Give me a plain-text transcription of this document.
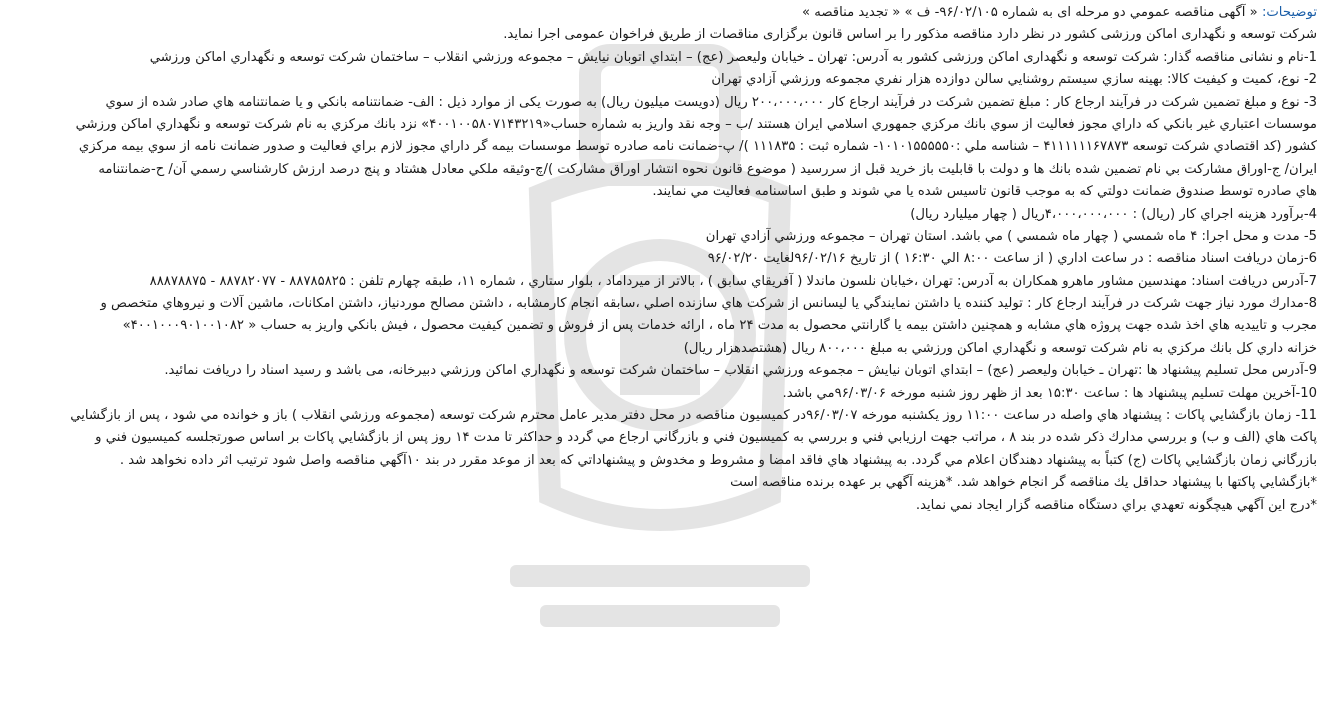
توضیحات: « آگهی مناقصه عمومي دو مرحله ای به شماره ۹۶/۰۲/۱۰۵- ف » « تجديد مناقصه »
شرکت توسعه و نگهداری اماکن ورزشی کشور در نظر دارد مناقصه مذکور را بر اساس قانون برگزاری مناقصات از طریق فراخوان عمومی اجرا نماید.
1-نام و نشانی مناقصه گذار: شرکت توسعه و نگهداری اماکن ورزشی کشور به آدرس: تهران ـ خیابان ولیعصر (عج) – ابتداي اتوبان نيايش – مجموعه ورزشي انقلاب – ساختمان شركت توسعه و نگهداري اماكن ورزشي
2- نوع، کمیت و کیفیت کالا: بهينه سازي سيستم روشنايي سالن دوازده هزار نفري مجموعه ورزشي آزادي تهران
3- نوع و مبلغ تضمین شرکت در فرآیند ارجاع کار : مبلغ تضمين شركت در فرآيند ارجاع کار ۲۰۰،۰۰۰،۰۰۰ ريال (دويست ميليون ريال) به صورت یکی از موارد ذیل : الف- ضمانتنامه بانكي و يا ضمانتنامه هاي صادر شده از سوي
موسسات اعتباري غير بانكي كه داراي مجوز فعاليت از سوي بانك مركزي جمهوري اسلامي ايران هستند /ب – وجه نقد واريز به شماره حساب«۴۰۰۱۰۰۵۸۰۷۱۴۳۲۱۹» نزد بانك مركزي به نام شركت توسعه و نگهداري اماكن ورزشي
كشور (كد اقتصادي شركت توسعه ۴۱۱۱۱۱۱۶۷۸۷۳ – شناسه ملي :۱۰۱۰۱۵۵۵۵۵۰- شماره ثبت : ۱۱۱۸۳۵ )/ پ-ضمانت نامه صادره توسط موسسات بيمه گر داراي مجوز لازم براي فعاليت و صدور ضمانت نامه از سوي بيمه مركزي
ايران/ ج-اوراق مشاركت بي نام تضمين شده بانك ها و دولت با قابليت باز خريد قبل از سررسيد ( موضوع قانون نحوه انتشار اوراق مشاركت )/چ-وثيقه ملكي معادل هشتاد و پنج درصد ارزش كارشناسي رسمي آن/ ح-ضمانتنامه
هاي صادره توسط صندوق ضمانت دولتي كه به موجب قانون تاسيس شده يا مي شوند و طبق اساسنامه فعاليت مي نمايند.
4-برآورد هزينه اجراي كار (ريال) : ۴،۰۰۰،۰۰۰،۰۰۰ريال ( چهار ميليارد ريال)
5- مدت و محل اجرا: ۴ ماه شمسي ( چهار ماه شمسي ) مي باشد. استان تهران – مجموعه ورزشي آزادي تهران
6-زمان دريافت اسناد مناقصه : در ساعت اداري ( از ساعت ۸:۰۰ الي ۱۶:۳۰ ) از تاريخ ۹۶/۰۲/۱۶لغايت ۹۶/۰۲/۲۰
7-آدرس دريافت اسناد: مهندسين مشاور ماهرو همكاران به آدرس: تهران ،خيابان نلسون ماندلا ( آفريقاي سابق ) ، بالاتر از ميرداماد ، بلوار ستاري ، شماره ۱۱، طبقه چهارم تلفن : ۸۸۷۸۵۸۲۵ - ۸۸۷۸۲۰۷۷ - ۸۸۸۷۸۸۷۵
8-مدارك مورد نياز جهت شركت در فرآيند ارجاع كار : توليد كننده يا داشتن نمايندگي يا ليسانس از شركت هاي سازنده اصلي ،سابقه انجام كارمشابه ، داشتن مصالح موردنياز، داشتن امكانات، ماشين آلات و نيروهاي متخصص و
مجرب و تاييديه هاي اخذ شده جهت پروژه هاي مشابه و همچنين داشتن بيمه يا گارانتي محصول به مدت ۲۴ ماه ، ارائه خدمات پس از فروش و تضمين كيفيت محصول ، فيش بانكي واريز به حساب « ۴۰۰۱۰۰۰۹۰۱۰۰۱۰۸۲»
خزانه داري كل بانك مركزي به نام شركت توسعه و نگهداري اماكن ورزشي به مبلغ ۸۰۰،۰۰۰ ريال (هشتصدهزار ريال)
9-آدرس محل تسليم پيشنهاد ها :تهران ـ خیابان ولیعصر (عج) – ابتداي اتوبان نيايش – مجموعه ورزشي انقلاب – ساختمان شركت توسعه و نگهداري اماكن ورزشي دبيرخانه، می باشد و رسيد اسناد را دريافت نمائيد.
10-آخرين مهلت تسليم پيشنهاد ها : ساعت ۱۵:۳۰ بعد از ظهر روز شنبه مورخه ۹۶/۰۳/۰۶مي باشد.
11- زمان بازگشايي پاكات : پيشنهاد هاي واصله در ساعت ۱۱:۰۰ روز يكشنبه مورخه ۹۶/۰۳/۰۷در كميسيون مناقصه در محل دفتر مدير عامل محترم شركت توسعه (مجموعه ورزشي انقلاب ) باز و خوانده مي شود ، پس از بازگشايي
پاكت هاي (الف و ب) و بررسي مدارك ذكر شده در بند ۸ ، مراتب جهت ارزيابي فني و بررسي به كميسيون فني و بازرگاني ارجاع مي گردد و حداكثر تا مدت ۱۴ روز پس از بازگشايي پاكات بر اساس صورتجلسه كميسيون فني و
بازرگاني زمان بازگشايي پاكات (ج) كتباً به پيشنهاد دهندگان اعلام مي گردد. به پيشنهاد هاي فاقد امضا و مشروط و مخدوش و پيشنهاداتي كه بعد از موعد مقرر در بند ۱۰آگهي مناقصه واصل شود ترتيب اثر داده نخواهد شد .
*بازگشايي پاكتها با پيشنهاد حداقل يك مناقصه گر انجام خواهد شد. *هزينه آگهي بر عهده برنده مناقصه است
*درج اين آگهي هيچگونه تعهدي براي دستگاه مناقصه گزار ايجاد نمي نمايد.
